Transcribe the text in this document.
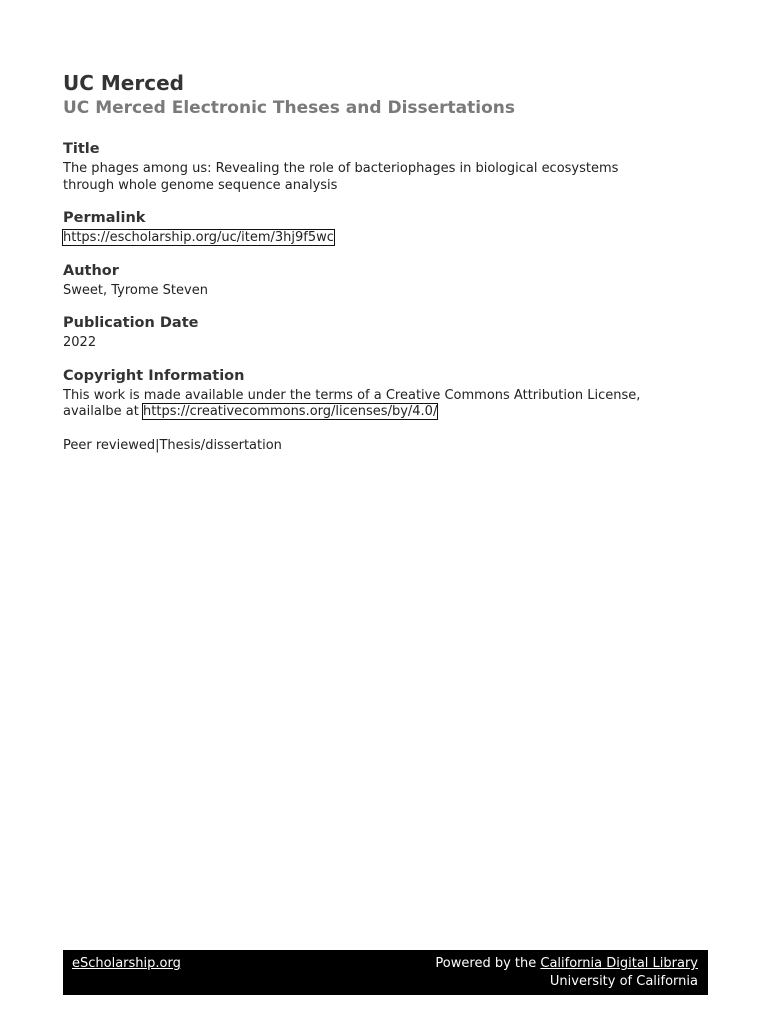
UC Merced
UC Merced Electronic Theses and Dissertations
Title
The phages among us: Revealing the role of bacteriophages in biological ecosystems
through whole genome sequence analysis
Permalink
https://escholarship.org/uc/item/3hj9f5wc
Author
Sweet, Tyrome Steven
Publication Date
2022
Copyright Information
This work is made available under the terms of a Creative Commons Attribution License,
availalbe at https://creativecommons.org/licenses/by/4.0/
Peer reviewed|Thesis/dissertation
eScholarship.org	Powered by the California Digital Library
University of California
